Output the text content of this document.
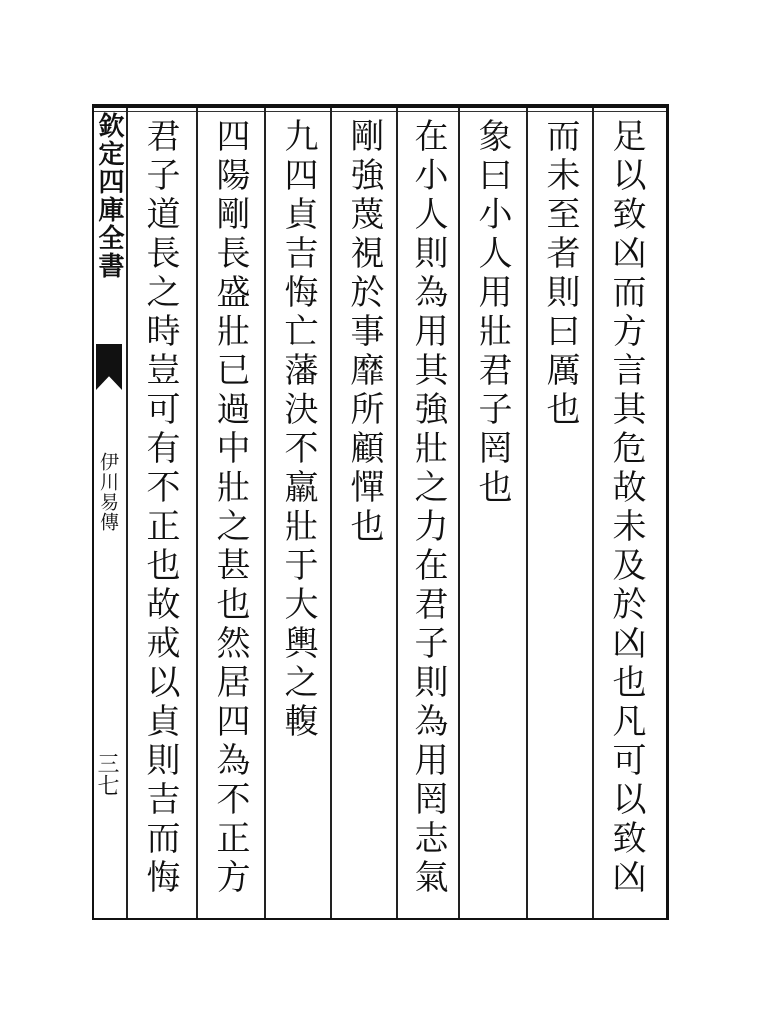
欽定四庫全書
伊川易傳
三七	足以致凶而方言其危故未及於凶也凡可以致凶
而未至者則曰厲也
象曰小人用壯君子罔也
在小人則為用其強壯之力在君子則為用罔志氣
剛強蔑視於事靡所顧憚也
九四貞吉悔亡藩決不羸壯于大輿之輹
四陽剛長盛壯已過中壯之甚也然居四為不正方
君子道長之時豈可有不正也故戒以貞則吉而悔
